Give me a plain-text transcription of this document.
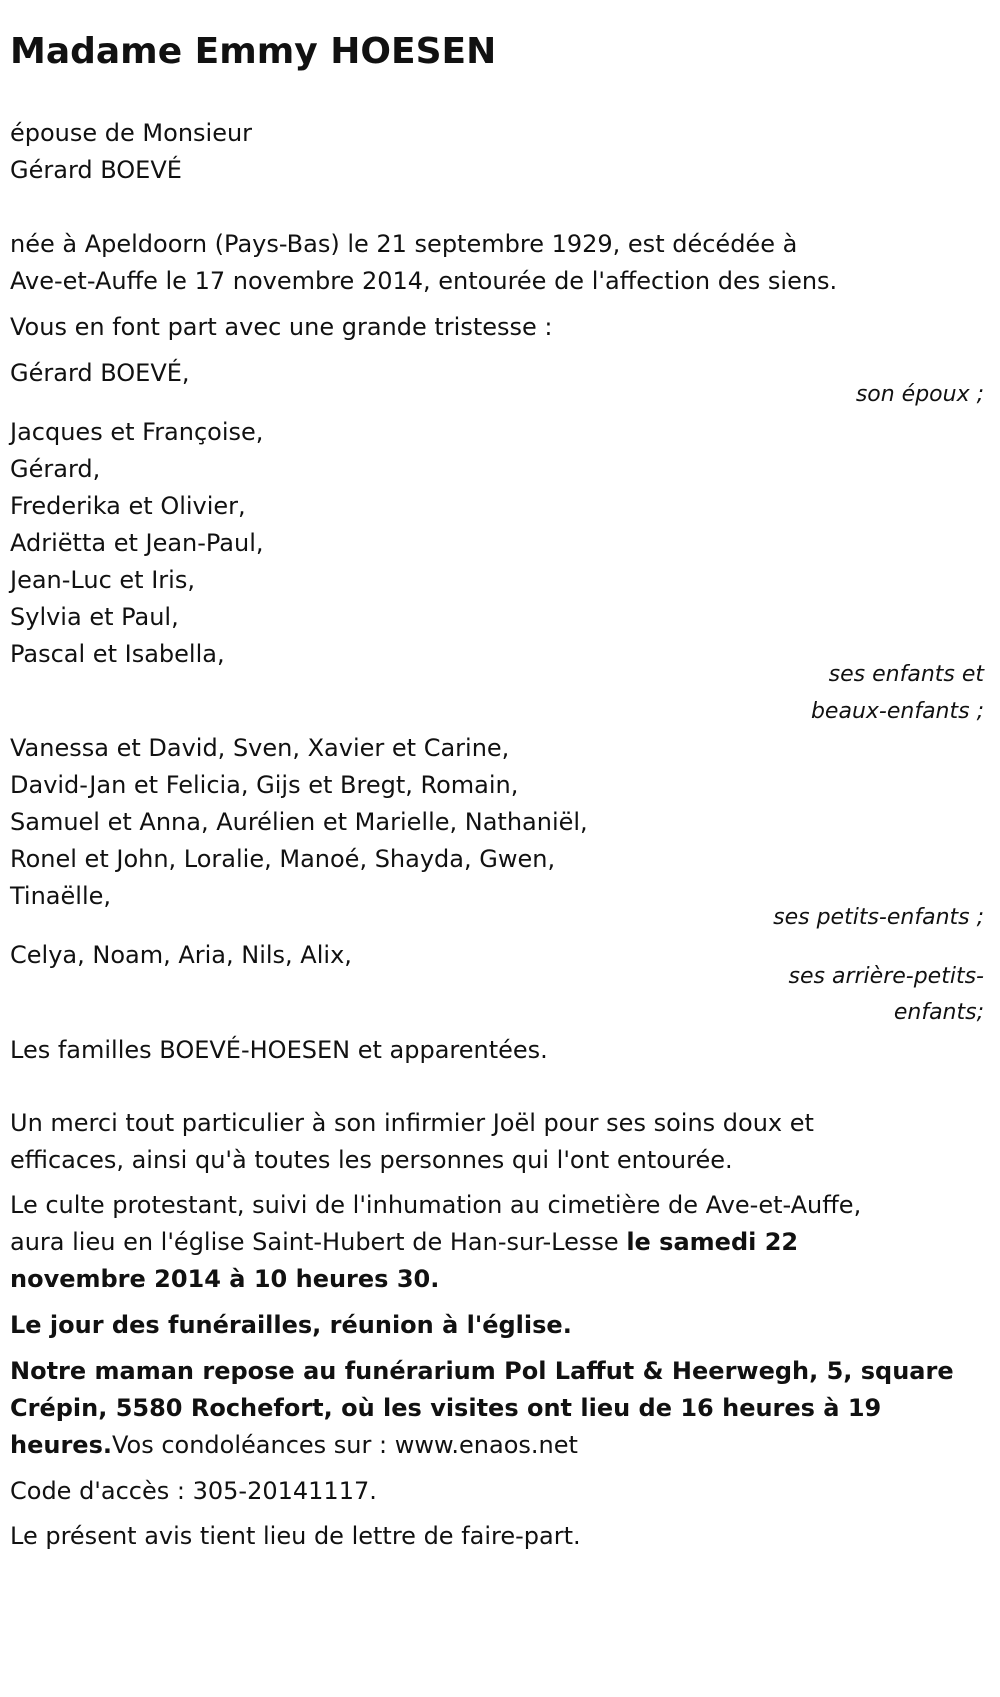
Madame Emmy HOESEN
épouse de Monsieur
Gérard BOEVÉ
née à Apeldoorn (Pays-Bas) le 21 septembre 1929, est décédée à
Ave-et-Auffe le 17 novembre 2014, entourée de l'affection des siens.
Vous en font part avec une grande tristesse :
Gérard BOEVÉ,
son époux ;
Jacques et Françoise,
Gérard,
Frederika et Olivier,
Adriëtta et Jean-Paul,
Jean-Luc et Iris,
Sylvia et Paul,
Pascal et Isabella,
ses enfants et
beaux-enfants ;
Vanessa et David, Sven, Xavier et Carine,
David-Jan et Felicia, Gijs et Bregt, Romain,
Samuel et Anna, Aurélien et Marielle, Nathaniël,
Ronel et John, Loralie, Manoé, Shayda, Gwen,
Tinaëlle,
ses petits-enfants ;
Celya, Noam, Aria, Nils, Alix,
ses arrière-petits-
enfants;
Les familles BOEVÉ-HOESEN et apparentées.
Un merci tout particulier à son infirmier Joël pour ses soins doux et
efficaces, ainsi qu'à toutes les personnes qui l'ont entourée.
Le culte protestant, suivi de l'inhumation au cimetière de Ave-et-Auffe,
aura lieu en l'église Saint-Hubert de Han-sur-Lesse le samedi 22
novembre 2014 à 10 heures 30.
Le jour des funérailles, réunion à l'église.
Notre maman repose au funérarium Pol Laffut & Heerwegh, 5, square
Crépin, 5580 Rochefort, où les visites ont lieu de 16 heures à 19
heures.Vos condoléances sur : www.enaos.net
Code d'accès : 305-20141117.
Le présent avis tient lieu de lettre de faire-part.
